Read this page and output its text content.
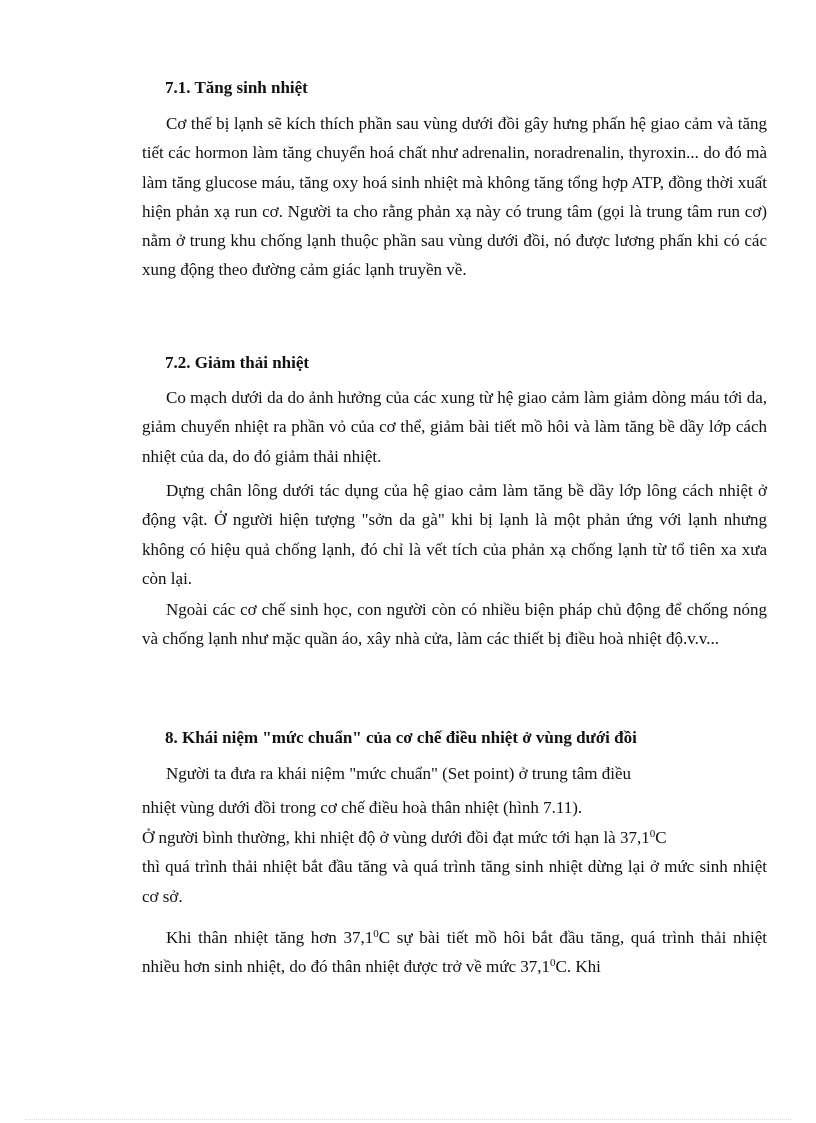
7.1. Tăng sinh nhiệt
Cơ thể bị lạnh sẽ kích thích phần sau vùng dưới đồi gây hưng phấn hệ giao cảm và tăng tiết các hormon làm tăng chuyển hoá chất như adrenalin, noradrenalin, thyroxin... do đó mà làm tăng glucose máu, tăng oxy hoá sinh nhiệt mà không tăng tổng hợp ATP, đồng thời xuất hiện phản xạ run cơ. Người ta cho rằng phản xạ này có trung tâm (gọi là trung tâm run cơ) nằm ở trung khu chống lạnh thuộc phần sau vùng dưới đồi, nó được lương phấn khi có các xung động theo đường cảm giác lạnh truyền về.
7.2. Giảm thải nhiệt
Co mạch dưới da do ảnh hưởng của các xung từ hệ giao cảm làm giảm dòng máu tới da, giảm chuyển nhiệt ra phần vỏ của cơ thể, giảm bài tiết mồ hôi và làm tăng bề dầy lớp cách nhiệt của da, do đó giảm thải nhiệt.
Dựng chân lông dưới tác dụng của hệ giao cảm làm tăng bề dầy lớp lông cách nhiệt ở động vật. Ở người hiện tượng "sởn da gà" khi bị lạnh là một phản ứng với lạnh nhưng không có hiệu quả chống lạnh, đó chỉ là vết tích của phản xạ chống lạnh từ tổ tiên xa xưa còn lại.
Ngoài các cơ chế sinh học, con người còn có nhiều biện pháp chủ động để chống nóng và chống lạnh như mặc quần áo, xây nhà cửa, làm các thiết bị điều hoà nhiệt độ.v.v...
8. Khái niệm "mức chuẩn" của cơ chế điều nhiệt ở vùng dưới đồi
Người ta đưa ra khái niệm "mức chuẩn" (Set point) ở trung tâm điều
nhiệt vùng dưới đồi trong cơ chế điều hoà thân nhiệt (hình 7.11).
Ở người bình thường, khi nhiệt độ ở vùng dưới đồi đạt mức tới hạn là 37,1$^0$C
thì quá trình thải nhiệt bắt đầu tăng và quá trình tăng sinh nhiệt dừng lại ở mức sinh nhiệt cơ sở.
Khi thân nhiệt tăng hơn 37,1$^0$C sự bài tiết mồ hôi bắt đầu tăng, quá trình thải nhiệt nhiều hơn sinh nhiệt, do đó thân nhiệt được trở về mức 37,1$^0$C. Khi
